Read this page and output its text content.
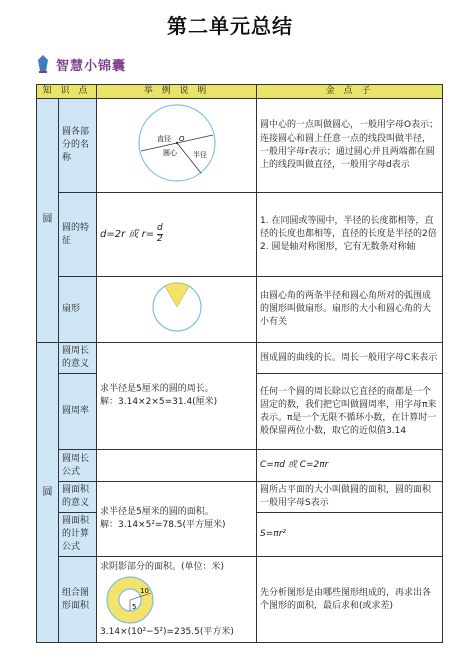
第二单元总结
智慧小锦囊
知 识 点		举 例 说 明	金 点 子
圆	圆各部分的名称	直径
圆心
O
半径	圆中心的一点叫做圆心，一般用字母O表示；连接圆心和圆上任意一点的线段叫做半径，一般用字母r表示；通过圆心并且两端都在圆上的线段叫做直径，一般用字母d表示
	圆的特征	d=2r 或 $r= \frac{d}{2}$	1. 在同圆或等圆中，半径的长度都相等，直径的长度也都相等，直径的长度是半径的2倍
2. 圆是轴对称图形，它有无数条对称轴
	扇形		由圆心角的两条半径和圆心角所对的弧围成的图形叫做扇形。扇形的大小和圆心角的大小有关
圆	圆周长的意义	求半径是5厘米的圆的周长。
解：3.14×2×5=31.4(厘米)	围成圆的曲线的长。周长一般用字母C来表示
	圆周率		任何一个圆的周长除以它直径的商都是一个固定的数，我们把它叫做圆周率，用字母π来表示。π是一个无限不循环小数，在计算时一般保留两位小数，取它的近似值3.14
	圆周长公式		C=πd 或 C=2πr
	圆面积的意义	求半径是5厘米的圆的面积。
解：3.14×5²=78.5(平方厘米)	圆所占平面的大小叫做圆的面积，圆的面积一般用字母S表示
	圆面积的计算公式		S=πr²
	组合图形面积	求阴影部分的面积。(单位：米)
10
5
3.14×(10²−5²)=235.5(平方米)	先分析图形是由哪些图形组成的，再求出各个图形的面积，最后求和(或求差)
